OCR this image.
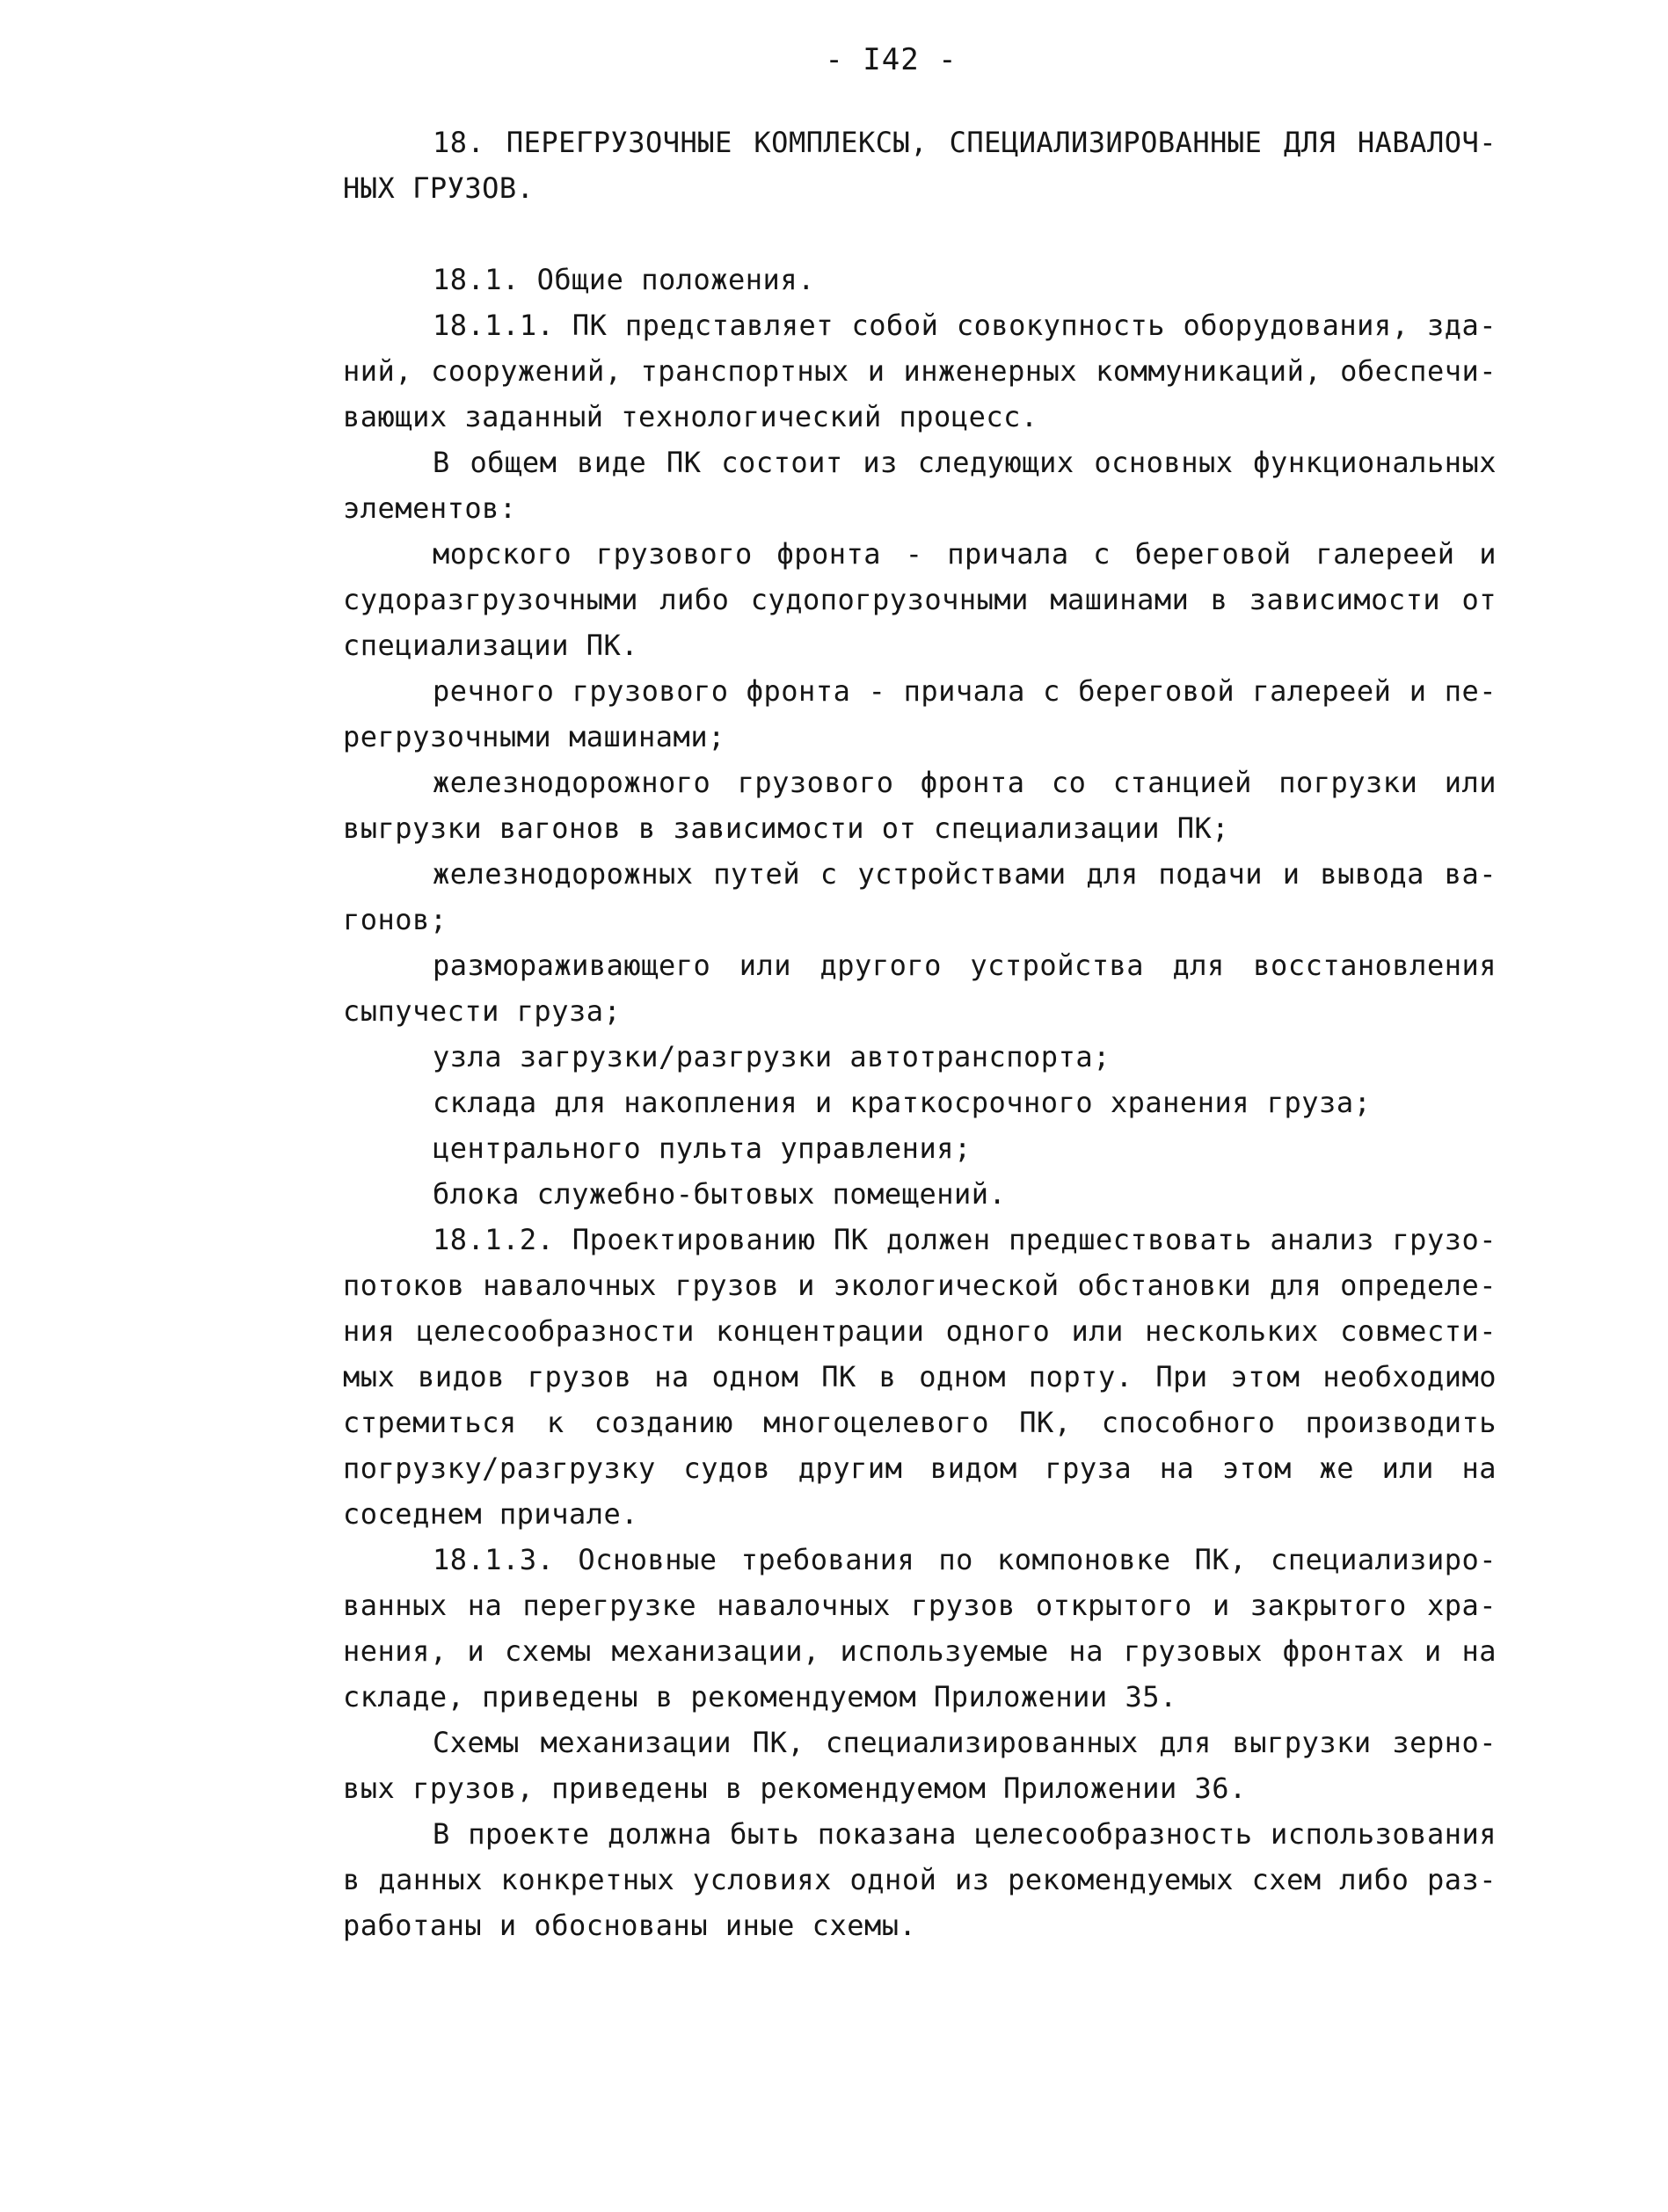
- I42 -
18. ПЕРЕГРУЗОЧНЫЕ КОМПЛЕКСЫ, СПЕЦИАЛИЗИРОВАННЫЕ ДЛЯ НАВАЛОЧ-
НЫХ ГРУЗОВ.
18.1. Общие положения.
18.1.1. ПК представляет собой совокупность оборудования, зда-
ний, сооружений, транспортных и инженерных коммуникаций, обеспечи-
вающих заданный технологический процесс.
В общем виде ПК состоит из следующих основных функциональных
элементов:
морского грузового фронта - причала с береговой галереей и
судоразгрузочными либо судопогрузочными машинами в зависимости от
специализации ПК.
речного грузового фронта - причала с береговой галереей и пе-
регрузочными машинами;
железнодорожного грузового фронта со станцией погрузки или
выгрузки вагонов в зависимости от специализации ПК;
железнодорожных путей с устройствами для подачи и вывода ва-
гонов;
размораживающего или другого устройства для восстановления
сыпучести груза;
узла загрузки/разгрузки автотранспорта;
склада для накопления и краткосрочного хранения груза;
центрального пульта управления;
блока служебно-бытовых помещений.
18.1.2. Проектированию ПК должен предшествовать анализ грузо-
потоков навалочных грузов и экологической обстановки для определе-
ния целесообразности концентрации одного или нескольких совмести-
мых видов грузов на одном ПК в одном порту. При этом необходимо
стремиться к созданию многоцелевого ПК, способного производить
погрузку/разгрузку судов другим видом груза на этом же или на
соседнем причале.
18.1.3. Основные требования по компоновке ПК, специализиро-
ванных на перегрузке навалочных грузов открытого и закрытого хра-
нения, и схемы механизации, используемые на грузовых фронтах и на
складе, приведены в рекомендуемом Приложении 35.
Схемы механизации ПК, специализированных для выгрузки зерно-
вых грузов, приведены в рекомендуемом Приложении 36.
В проекте должна быть показана целесообразность использования
в данных конкретных условиях одной из рекомендуемых схем либо раз-
работаны и обоснованы иные схемы.
